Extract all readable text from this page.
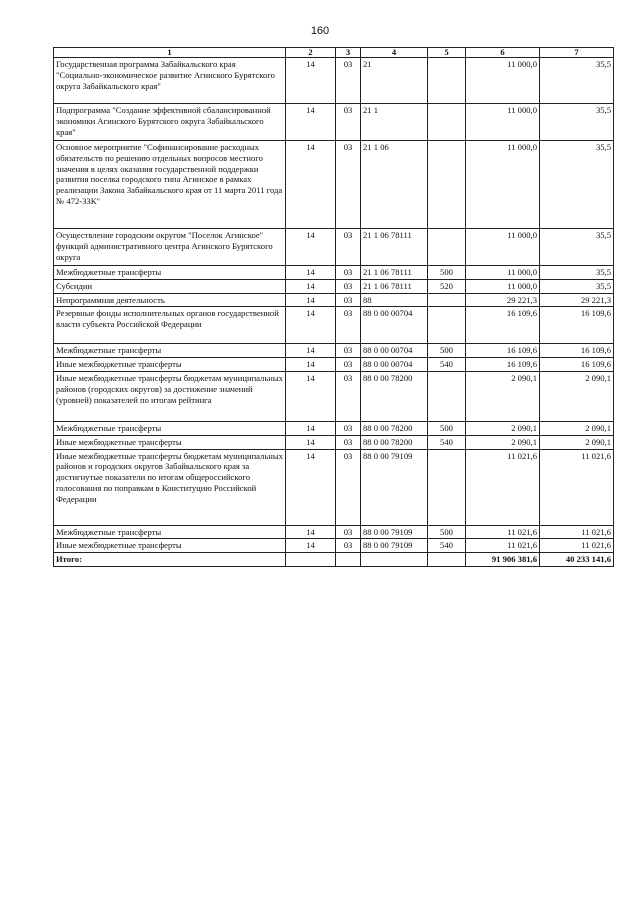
160
1	2	3	4	5	6	7
Государственная программа Забайкальского края "Социально-экономическое развитие Агинского Бурятского округа Забайкальского края"	14	03	21		11 000,0	35,5
Подпрограмма "Создание эффективной сбалансированной экономики Агинского Бурятского округа Забайкальского края"	14	03	21 1		11 000,0	35,5
Основное мероприятие "Софинансирование расходных обязательств по решению отдельных вопросов местного значения в целях оказания государственной поддержки развития поселка городского типа Агинское в рамках реализации Закона Забайкальского края от 11 марта 2011 года № 472-ЗЗК"	14	03	21 1 06		11 000,0	35,5
Осуществление городским округом "Поселок Агинское" функций административного центра Агинского Бурятского округа	14	03	21 1 06 78111		11 000,0	35,5
Межбюджетные трансферты	14	03	21 1 06 78111	500	11 000,0	35,5
Субсидии	14	03	21 1 06 78111	520	11 000,0	35,5
Непрограммная деятельность	14	03	88		29 221,3	29 221,3
Резервные фонды исполнительных органов государственной власти субъекта Российской Федерации	14	03	88 0 00 00704		16 109,6	16 109,6
Межбюджетные трансферты	14	03	88 0 00 00704	500	16 109,6	16 109,6
Иные межбюджетные трансферты	14	03	88 0 00 00704	540	16 109,6	16 109,6
Иные межбюджетные трансферты бюджетам муниципальных районов (городских округов) за достижение значений (уровней) показателей по итогам рейтинга	14	03	88 0 00 78200		2 090,1	2 090,1
Межбюджетные трансферты	14	03	88 0 00 78200	500	2 090,1	2 090,1
Иные межбюджетные трансферты	14	03	88 0 00 78200	540	2 090,1	2 090,1
Иные межбюджетные трансферты бюджетам муниципальных районов и городских округов Забайкальского края за достигнутые показатели по итогам общероссийского голосования по поправкам в Конституцию Российской Федерации	14	03	88 0 00 79109		11 021,6	11 021,6
Межбюджетные трансферты	14	03	88 0 00 79109	500	11 021,6	11 021,6
Иные межбюджетные трансферты	14	03	88 0 00 79109	540	11 021,6	11 021,6
Итого:					91 906 381,6	40 233 141,6
